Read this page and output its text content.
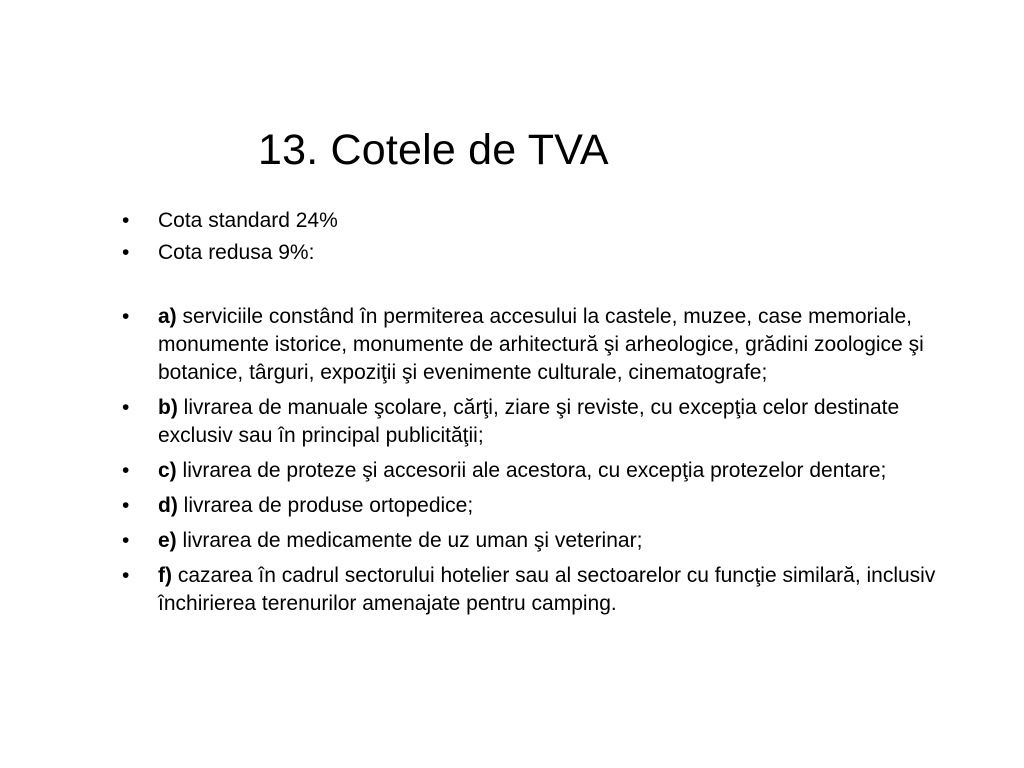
13. Cotele de TVA
• Cota standard 24%
• Cota redusa 9%:
• a) serviciile constând în permiterea accesului la castele, muzee, case memoriale, monumente istorice, monumente de arhitectură şi arheologice, grădini zoologice şi botanice, târguri, expoziţii şi evenimente culturale, cinematografe;
• b) livrarea de manuale şcolare, cărţi, ziare şi reviste, cu excepţia celor destinate exclusiv sau în principal publicităţii;
• c) livrarea de proteze şi accesorii ale acestora, cu excepţia protezelor dentare;
• d) livrarea de produse ortopedice;
• e) livrarea de medicamente de uz uman şi veterinar;
• f) cazarea în cadrul sectorului hotelier sau al sectoarelor cu funcţie similară, inclusiv închirierea terenurilor amenajate pentru camping.
